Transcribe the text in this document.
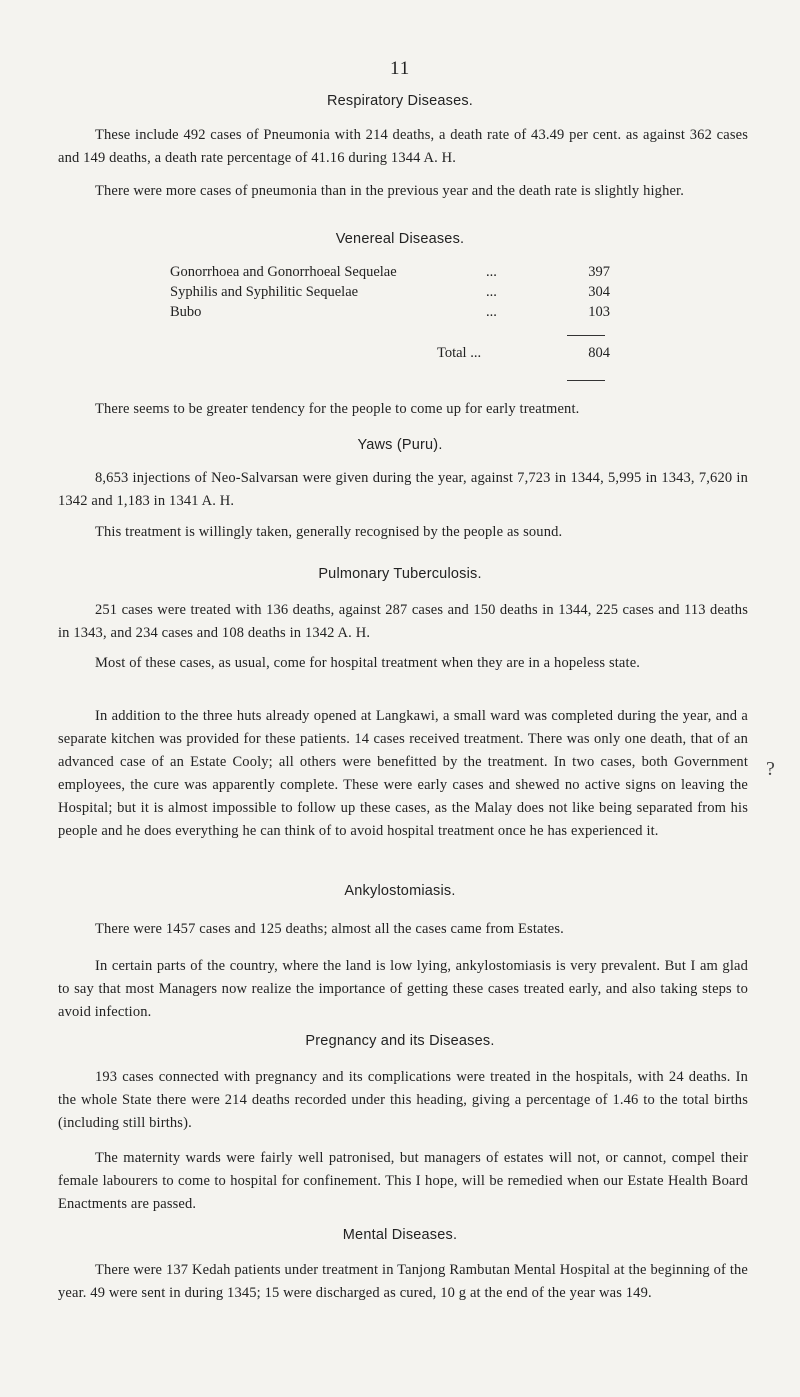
11
Respiratory Diseases.
These include 492 cases of Pneumonia with 214 deaths, a death rate of 43.49 per cent. as against 362 cases and 149 deaths, a death rate percentage of 41.16 during 1344 A. H.
There were more cases of pneumonia than in the previous year and the death rate is slightly higher.
Venereal Diseases.
Gonorrhoea and Gonorrhoeal Sequelae	...	397
Syphilis and Syphilitic Sequelae	...	304
Bubo	...	103
Total ...	804
There seems to be greater tendency for the people to come up for early treatment.
Yaws (Puru).
8,653 injections of Neo-Salvarsan were given during the year, against 7,723 in 1344, 5,995 in 1343, 7,620 in 1342 and 1,183 in 1341 A. H.
This treatment is willingly taken, generally recognised by the people as sound.
Pulmonary Tuberculosis.
251 cases were treated with 136 deaths, against 287 cases and 150 deaths in 1344, 225 cases and 113 deaths in 1343, and 234 cases and 108 deaths in 1342 A. H.
Most of these cases, as usual, come for hospital treatment when they are in a hopeless state.
In addition to the three huts already opened at Langkawi, a small ward was completed during the year, and a separate kitchen was provided for these patients. 14 cases received treatment. There was only one death, that of an advanced case of an Estate Cooly; all others were benefitted by the treatment. In two cases, both Government employees, the cure was apparently complete. These were early cases and shewed no active signs on leaving the Hospital; but it is almost impossible to follow up these cases, as the Malay does not like being separated from his people and he does everything he can think of to avoid hospital treatment once he has experienced it.
?
Ankylostomiasis.
There were 1457 cases and 125 deaths; almost all the cases came from Estates.
In certain parts of the country, where the land is low lying, ankylostomiasis is very prevalent. But I am glad to say that most Managers now realize the importance of getting these cases treated early, and also taking steps to avoid infection.
Pregnancy and its Diseases.
193 cases connected with pregnancy and its complications were treated in the hospitals, with 24 deaths. In the whole State there were 214 deaths recorded under this heading, giving a percentage of 1.46 to the total births (including still births).
The maternity wards were fairly well patronised, but managers of estates will not, or cannot, compel their female labourers to come to hospital for confinement. This I hope, will be remedied when our Estate Health Board Enactments are passed.
Mental Diseases.
There were 137 Kedah patients under treatment in Tanjong Rambutan Mental Hospital at the beginning of the year. 49 were sent in during 1345; 15 were discharged as cured, 10 g at the end of the year was 149.
